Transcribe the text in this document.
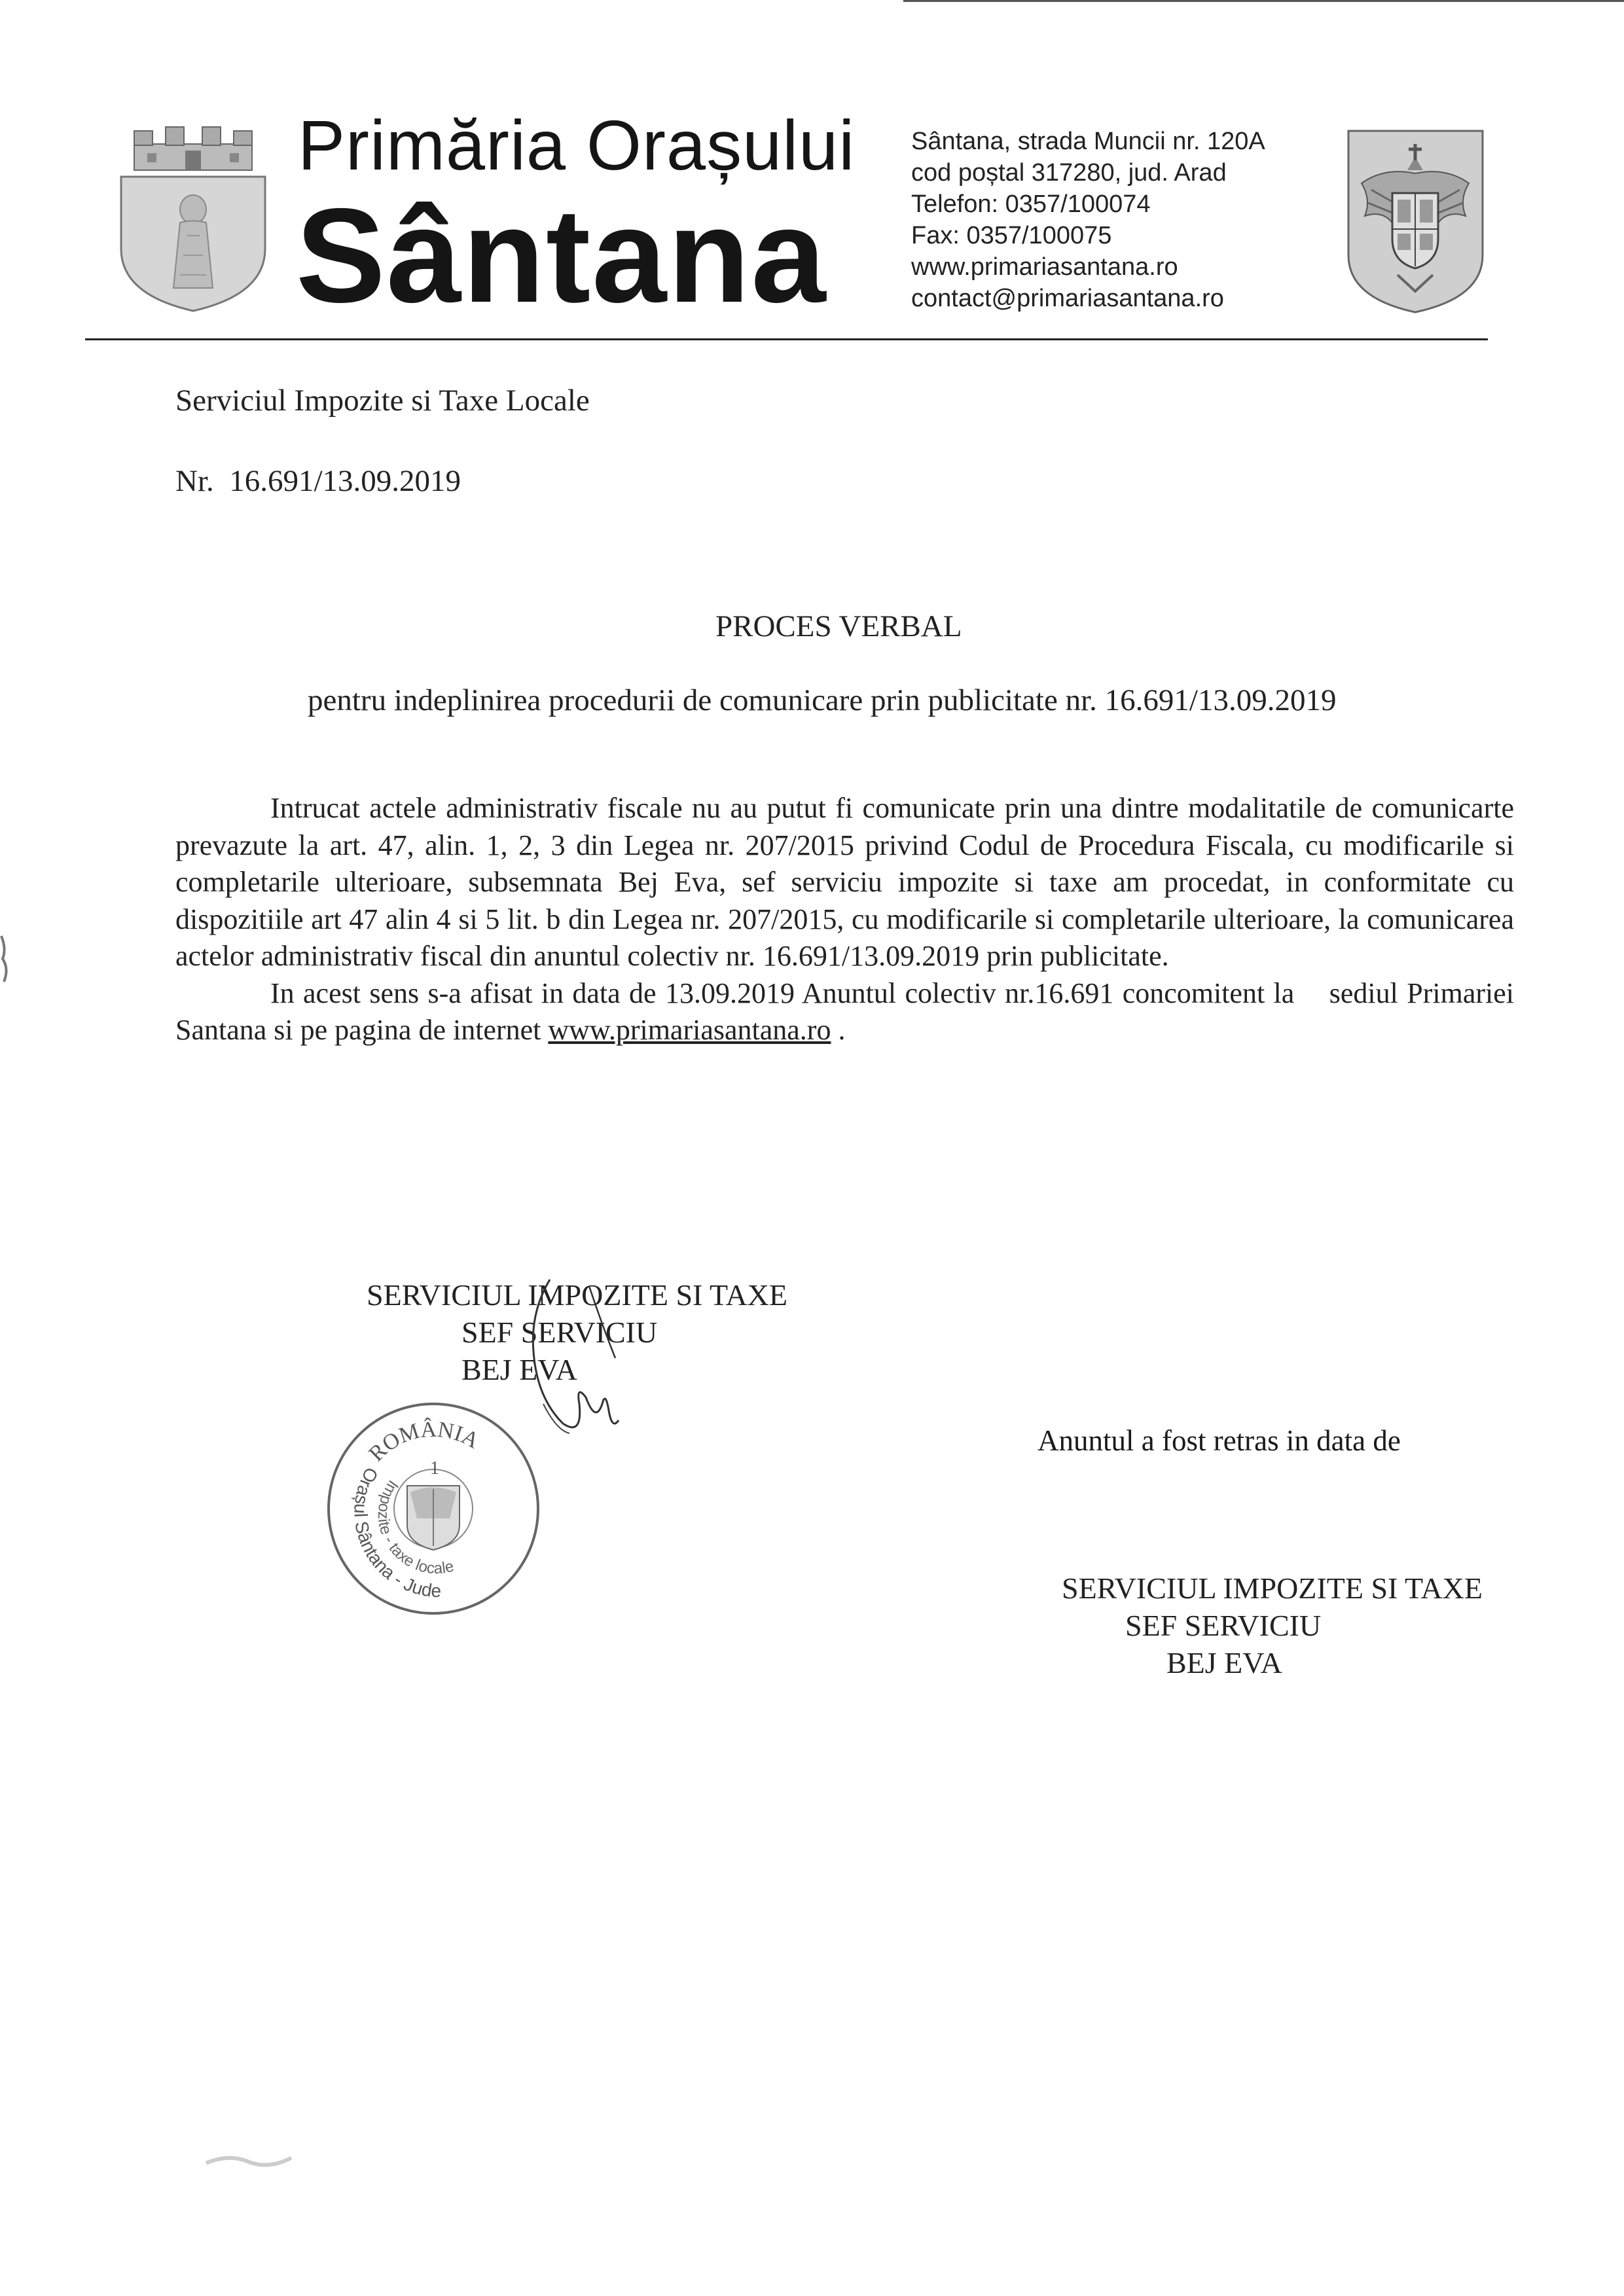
Primăria Orașului
Sântana
Sântana, strada Muncii nr. 120A
cod poștal 317280, jud. Arad
Telefon: 0357/100074
Fax: 0357/100075
www.primariasantana.ro
contact@primariasantana.ro
Serviciul Impozite si Taxe Locale
Nr.  16.691/13.09.2019
PROCES VERBAL
pentru indeplinirea procedurii de comunicare prin publicitate nr. 16.691/13.09.2019

Intrucat actele administrativ fiscale nu au putut fi comunicate prin una dintre modalitatile de comunicarte prevazute la art. 47, alin. 1, 2, 3 din Legea nr. 207/2015 privind Codul de Procedura Fiscala, cu modificarile si completarile ulterioare, subsemnata Bej Eva, sef serviciu impozite si taxe am procedat, in conformitate cu dispozitiile art 47 alin 4 si 5 lit. b din Legea nr. 207/2015, cu modificarile si completarile ulterioare, la comunicarea actelor administrativ fiscal din anuntul colectiv nr. 16.691/13.09.2019 prin publicitate.

In acest sens s-a afisat in data de 13.09.2019 Anuntul colectiv nr.16.691 concomitent la    sediul Primariei Santana si pe pagina de internet www.primariasantana.ro .

SERVICIUL IMPOZITE SI TAXE
SEF SERVICIU
BEJ EVA
ROMÂNIA
1
Orașul Sântana - Jude
Impozite - taxe locale
Anuntul a fost retras in data de
SERVICIUL IMPOZITE SI TAXE
SEF SERVICIU
BEJ EVA
